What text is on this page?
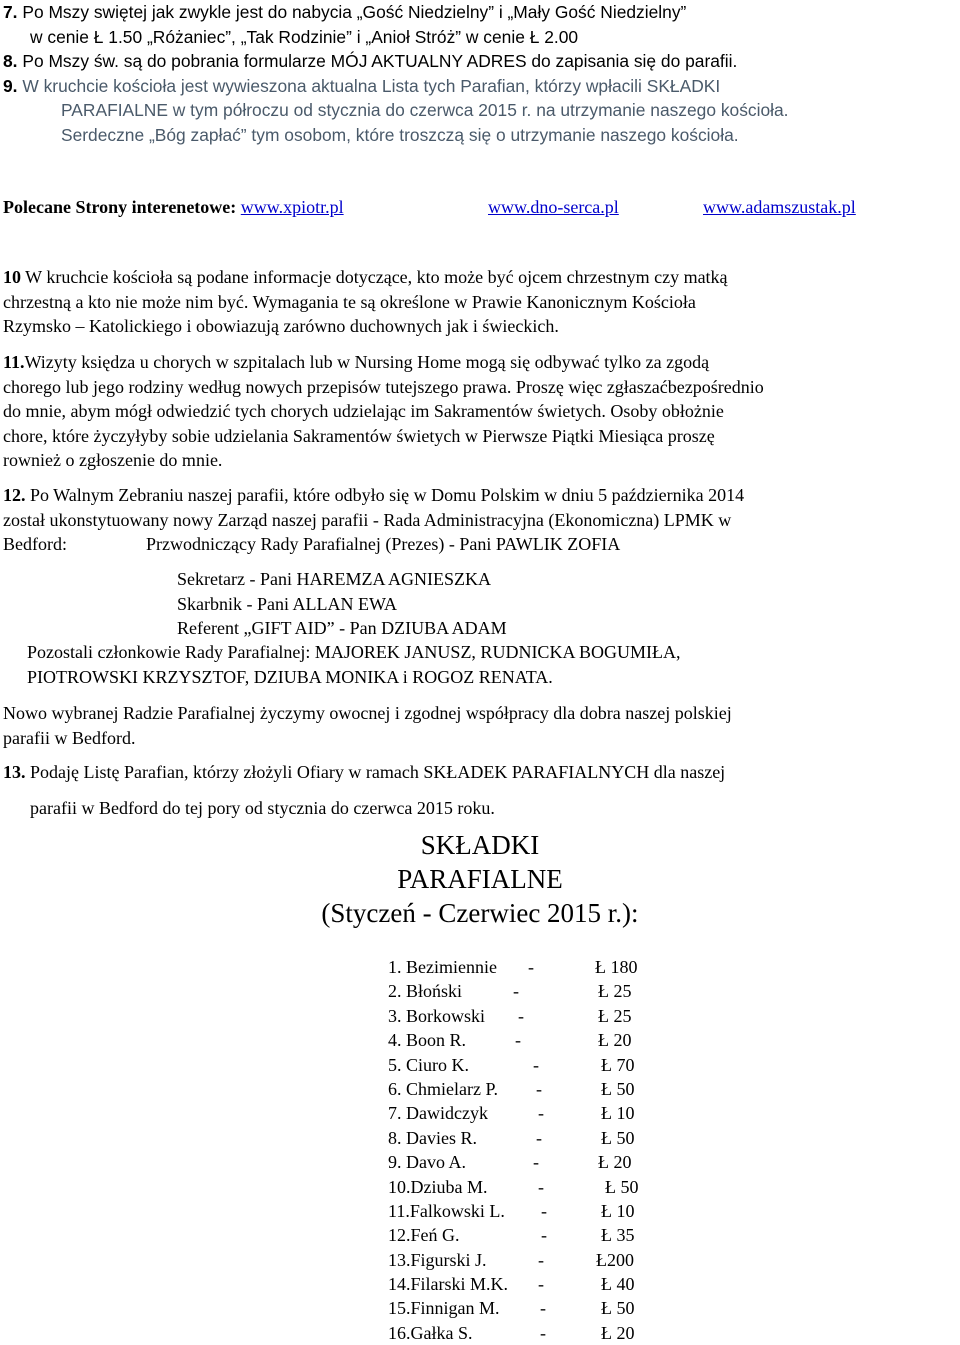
7. Po Mszy swiętej jak zwykle jest do nabycia „Gość Niedzielny” i „Mały Gość Niedzielny”
w cenie Ł 1.50 „Różaniec”, „Tak Rodzinie” i „Anioł Stróż” w cenie Ł 2.00
8. Po Mszy św. są do pobrania formularze MÓJ AKTUALNY ADRES do zapisania się do parafii.
9. W kruchcie kościoła jest wywieszona aktualna Lista tych Parafian, którzy wpłacili SKŁADKI
PARAFIALNE w tym półroczu od stycznia do czerwca 2015 r. na utrzymanie naszego kościoła.
Serdeczne „Bóg zapłać” tym osobom, które troszczą się o utrzymanie naszego kościoła.
Polecane Strony interenetowe: www.xpiotr.pl	www.dno-serca.pl	www.adamszustak.pl
10 W kruchcie kościoła są podane informacje dotyczące, kto może być ojcem chrzestnym czy matką
chrzestną a kto nie może nim być. Wymagania te są określone w Prawie Kanonicznym Kościoła
Rzymsko – Katolickiego i obowiazują zarówno duchownych jak i świeckich.
11.Wizyty księdza u chorych w szpitalach lub w Nursing Home mogą się odbywać tylko za zgodą
chorego lub jego rodziny według nowych przepisów tutejszego prawa. Proszę więc zgłaszaćbezpośrednio
do mnie, abym mógł odwiedzić tych chorych udzielając im Sakramentów świetych. Osoby obłożnie
chore, które życzyłyby sobie udzielania Sakramentów świetych w Pierwsze Piątki Miesiąca proszę
rownież o zgłoszenie do mnie.
12. Po Walnym Zebraniu naszej parafii, które odbyło się w Domu Polskim w dniu 5 października 2014
został ukonstytuowany nowy Zarząd naszej parafii - Rada Administracyjna (Ekonomiczna) LPMK w
Bedford:	Przwodniczący Rady Parafialnej (Prezes) - Pani PAWLIK ZOFIA
Sekretarz - Pani HAREMZA AGNIESZKA
Skarbnik - Pani ALLAN EWA
Referent „GIFT AID” - Pan DZIUBA ADAM
Pozostali członkowie Rady Parafialnej: MAJOREK JANUSZ, RUDNICKA BOGUMIŁA,
PIOTROWSKI KRZYSZTOF, DZIUBA MONIKA i ROGOZ RENATA.
Nowo wybranej Radzie Parafialnej życzymy owocnej i zgodnej współpracy dla dobra naszej polskiej
parafii w Bedford.
13. Podaję Listę Parafian, którzy złożyli Ofiary w ramach SKŁADEK PARAFIALNYCH dla naszej
parafii w Bedford do tej pory od stycznia do czerwca 2015 roku.
SKŁADKI
PARAFIALNE
(Styczeń - Czerwiec 2015 r.):
1. Bezimiennie -	Ł 180
2. Błoński	-	Ł 25
3. Borkowski -	Ł 25
4. Boon R.	-	Ł 20
5. Ciuro K.	-	Ł 70
6. Chmielarz P. -	Ł 50
7. Dawidczyk	-	Ł 10
8. Davies R.	-	Ł 50
9. Davo A.	-	Ł 20
10.Dziuba M.	-	Ł 50
11.Falkowski L. -	Ł 10
12.Feń G.	-	Ł 35
13.Figurski J.	-	Ł200
14.Filarski M.K. -	Ł 40
15.Finnigan M. -	Ł 50
16.Gałka S.	-	Ł 20
